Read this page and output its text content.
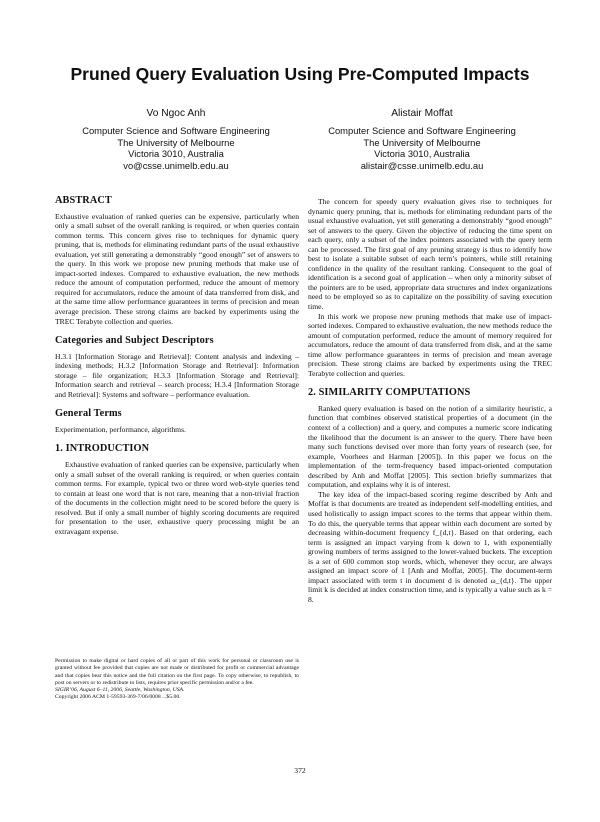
Pruned Query Evaluation Using Pre-Computed Impacts
Vo Ngoc Anh
Computer Science and Software Engineering
The University of Melbourne
Victoria 3010, Australia
vo@csse.unimelb.edu.au
Alistair Moffat
Computer Science and Software Engineering
The University of Melbourne
Victoria 3010, Australia
alistair@csse.unimelb.edu.au
ABSTRACT

Exhaustive evaluation of ranked queries can be expensive, particularly when only a small subset of the overall ranking is required, or when queries contain common terms. This concern gives rise to techniques for dynamic query pruning, that is, methods for eliminating redundant parts of the usual exhaustive evaluation, yet still generating a demonstrably “good enough” set of answers to the query. In this work we propose new pruning methods that make use of impact-sorted indexes. Compared to exhaustive evaluation, the new methods reduce the amount of computation performed, reduce the amount of memory required for accumulators, reduce the amount of data transferred from disk, and at the same time allow performance guarantees in terms of precision and mean average precision. These strong claims are backed by experiments using the TREC Terabyte collection and queries.

Categories and Subject Descriptors

H.3.1 [Information Storage and Retrieval]: Content analysis and indexing – indexing methods; H.3.2 [Information Storage and Retrieval]: Information storage – file organization; H.3.3 [Information Storage and Retrieval]: Information search and retrieval – search process; H.3.4 [Information Storage and Retrieval]: Systems and software – performance evaluation.

General Terms

Experimentation, performance, algorithms.

1. INTRODUCTION

Exhaustive evaluation of ranked queries can be expensive, particularly when only a small subset of the overall ranking is required, or when queries contain common terms. For example, typical two or three word web-style queries tend to contain at least one word that is not rare, meaning that a non-trivial fraction of the documents in the collection might need to be scored before the query is resolved. But if only a small number of highly scoring documents are required for presentation to the user, exhaustive query processing might be an extravagant expense.

Permission to make digital or hard copies of all or part of this work for personal or classroom use is granted without fee provided that copies are not made or distributed for profit or commercial advantage and that copies bear this notice and the full citation on the first page. To copy otherwise, to republish, to post on servers or to redistribute to lists, requires prior specific permission and/or a fee.

SIGIR’06, August 6–11, 2006, Seattle, Washington, USA.

Copyright 2006 ACM 1-59593-369-7/06/0008 ...$5.00.

The concern for speedy query evaluation gives rise to techniques for dynamic query pruning, that is, methods for eliminating redundant parts of the usual exhaustive evaluation, yet still generating a demonstrably “good enough” set of answers to the query. Given the objective of reducing the time spent on each query, only a subset of the index pointers associated with the query term can be processed. The first goal of any pruning strategy is thus to identify how best to isolate a suitable subset of each term’s pointers, while still retaining confidence in the quality of the resultant ranking. Consequent to the goal of identification is a second goal of application – when only a minority subset of the pointers are to be used, appropriate data structures and index organizations need to be employed so as to capitalize on the possibility of saving execution time.

In this work we propose new pruning methods that make use of impact-sorted indexes. Compared to exhaustive evaluation, the new methods reduce the amount of computation performed, reduce the amount of memory required for accumulators, reduce the amount of data transferred from disk, and at the same time allow performance guarantees in terms of precision and mean average precision. These strong claims are backed by experiments using the TREC Terabyte collection and queries.

2. SIMILARITY COMPUTATIONS

Ranked query evaluation is based on the notion of a similarity heuristic, a function that combines observed statistical properties of a document (in the context of a collection) and a query, and computes a numeric score indicating the likelihood that the document is an answer to the query. There have been many such functions devised over more than forty years of research (see, for example, Voorhees and Harman [2005]). In this paper we focus on the implementation of the term-frequency based impact-oriented computation described by Anh and Moffat [2005]. This section briefly summarizes that computation, and explains why it is of interest.

The key idea of the impact-based scoring regime described by Anh and Moffat is that documents are treated as independent self-modelling entities, and used holistically to assign impact scores to the terms that appear within them. To do this, the queryable terms that appear within each document are sorted by decreasing within-document frequency f_{d,t}. Based on that ordering, each term is assigned an impact varying from k down to 1, with exponentially growing numbers of terms assigned to the lower-valued buckets. The exception is a set of 600 common stop words, which, whenever they occur, are always assigned an impact score of 1 [Anh and Moffat, 2005]. The document-term impact associated with term t in document d is denoted ω_{d,t}. The upper limit k is decided at index construction time, and is typically a value such as k = 8.

372
